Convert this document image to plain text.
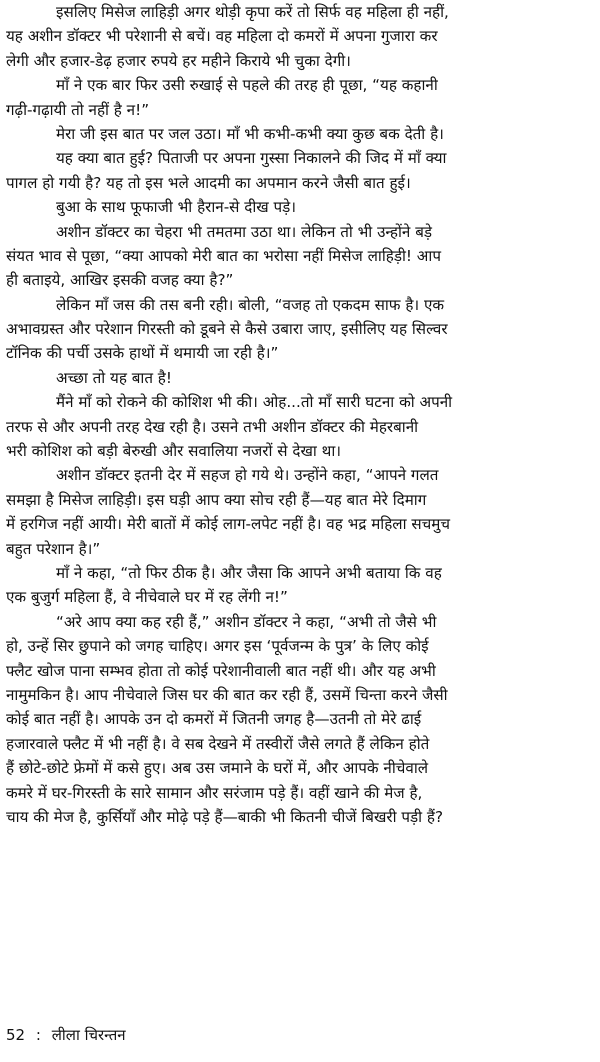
इसलिए मिसेज लाहिड़ी अगर थोड़ी कृपा करें तो सिर्फ वह महिला ही नहीं,
यह अशीन डॉक्टर भी परेशानी से बचें। वह महिला दो कमरों में अपना गुजारा कर
लेगी और हजार-डेढ़ हजार रुपये हर महीने किराये भी चुका देगी।
माँ ने एक बार फिर उसी रुखाई से पहले की तरह ही पूछा, “यह कहानी
गढ़ी-गढ़ायी तो नहीं है न!”
मेरा जी इस बात पर जल उठा। माँ भी कभी-कभी क्या कुछ बक देती है।
यह क्या बात हुई? पिताजी पर अपना गुस्सा निकालने की जिद में माँ क्या
पागल हो गयी है? यह तो इस भले आदमी का अपमान करने जैसी बात हुई।
बुआ के साथ फूफाजी भी हैरान-से दीख पड़े।
अशीन डॉक्टर का चेहरा भी तमतमा उठा था। लेकिन तो भी उन्होंने बड़े
संयत भाव से पूछा, “क्या आपको मेरी बात का भरोसा नहीं मिसेज लाहिड़ी! आप
ही बताइये, आखिर इसकी वजह क्या है?”
लेकिन माँ जस की तस बनी रही। बोली, “वजह तो एकदम साफ है। एक
अभावग्रस्त और परेशान गिरस्ती को डूबने से कैसे उबारा जाए, इसीलिए यह सिल्वर
टॉनिक की पर्ची उसके हाथों में थमायी जा रही है।”
अच्छा तो यह बात है!
मैंने माँ को रोकने की कोशिश भी की। ओह...तो माँ सारी घटना को अपनी
तरफ से और अपनी तरह देख रही है। उसने तभी अशीन डॉक्टर की मेहरबानी
भरी कोशिश को बड़ी बेरुखी और सवालिया नजरों से देखा था।
अशीन डॉक्टर इतनी देर में सहज हो गये थे। उन्होंने कहा, “आपने गलत
समझा है मिसेज लाहिड़ी। इस घड़ी आप क्या सोच रही हैं—यह बात मेरे दिमाग
में हरगिज नहीं आयी। मेरी बातों में कोई लाग-लपेट नहीं है। वह भद्र महिला सचमुच
बहुत परेशान है।”
माँ ने कहा, “तो फिर ठीक है। और जैसा कि आपने अभी बताया कि वह
एक बुजुर्ग महिला हैं, वे नीचेवाले घर में रह लेंगी न!”
“अरे आप क्या कह रही हैं,” अशीन डॉक्टर ने कहा, “अभी तो जैसे भी
हो, उन्हें सिर छुपाने को जगह चाहिए। अगर इस ‘पूर्वजन्म के पुत्र’ के लिए कोई
फ्लैट खोज पाना सम्भव होता तो कोई परेशानीवाली बात नहीं थी। और यह अभी
नामुमकिन है। आप नीचेवाले जिस घर की बात कर रही हैं, उसमें चिन्ता करने जैसी
कोई बात नहीं है। आपके उन दो कमरों में जितनी जगह है—उतनी तो मेरे ढाई
हजारवाले फ्लैट में भी नहीं है। वे सब देखने में तस्वीरों जैसे लगते हैं लेकिन होते
हैं छोटे-छोटे फ्रेमों में कसे हुए। अब उस जमाने के घरों में, और आपके नीचेवाले
कमरे में घर-गिरस्ती के सारे सामान और सरंजाम पड़े हैं। वहीं खाने की मेज है,
चाय की मेज है, कुर्सियाँ और मोढ़े पड़े हैं—बाकी भी कितनी चीजें बिखरी पड़ी हैं?
52 : लीला चिरन्तन
